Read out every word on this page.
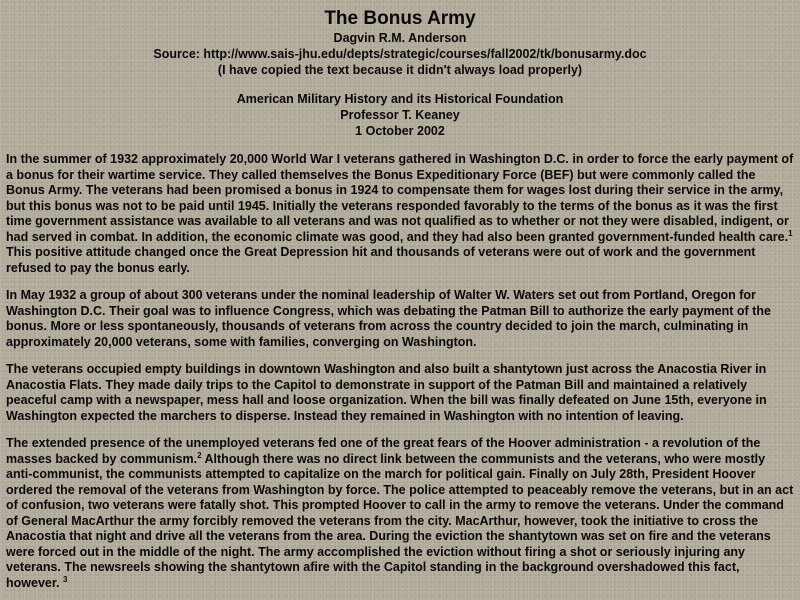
The Bonus Army

Dagvin R.M. Anderson

Source: http://www.sais-jhu.edu/depts/strategic/courses/fall2002/tk/bonusarmy.doc

(I have copied the text because it didn't always load properly)

American Military History and its Historical Foundation

Professor T. Keaney

1 October 2002

In the summer of 1932 approximately 20,000 World War I veterans gathered in Washington D.C. in order to force the early payment of a bonus for their wartime service. They called themselves the Bonus Expeditionary Force (BEF) but were commonly called the Bonus Army. The veterans had been promised a bonus in 1924 to compensate them for wages lost during their service in the army, but this bonus was not to be paid until 1945. Initially the veterans responded favorably to the terms of the bonus as it was the first time government assistance was available to all veterans and was not qualified as to whether or not they were disabled, indigent, or had served in combat. In addition, the economic climate was good, and they had also been granted government-funded health care.$^1$ This positive attitude changed once the Great Depression hit and thousands of veterans were out of work and the government refused to pay the bonus early.

In May 1932 a group of about 300 veterans under the nominal leadership of Walter W. Waters set out from Portland, Oregon for Washington D.C. Their goal was to influence Congress, which was debating the Patman Bill to authorize the early payment of the bonus. More or less spontaneously, thousands of veterans from across the country decided to join the march, culminating in approximately 20,000 veterans, some with families, converging on Washington.

The veterans occupied empty buildings in downtown Washington and also built a shantytown just across the Anacostia River in Anacostia Flats. They made daily trips to the Capitol to demonstrate in support of the Patman Bill and maintained a relatively peaceful camp with a newspaper, mess hall and loose organization. When the bill was finally defeated on June 15th, everyone in Washington expected the marchers to disperse. Instead they remained in Washington with no intention of leaving.

The extended presence of the unemployed veterans fed one of the great fears of the Hoover administration - a revolution of the masses backed by communism.$^2$ Although there was no direct link between the communists and the veterans, who were mostly anti-communist, the communists attempted to capitalize on the march for political gain. Finally on July 28th, President Hoover ordered the removal of the veterans from Washington by force. The police attempted to peaceably remove the veterans, but in an act of confusion, two veterans were fatally shot. This prompted Hoover to call in the army to remove the veterans. Under the command of General MacArthur the army forcibly removed the veterans from the city. MacArthur, however, took the initiative to cross the Anacostia that night and drive all the veterans from the area. During the eviction the shantytown was set on fire and the veterans were forced out in the middle of the night. The army accomplished the eviction without firing a shot or seriously injuring any veterans. The newsreels showing the shantytown afire with the Capitol standing in the background overshadowed this fact, however. $^3$
